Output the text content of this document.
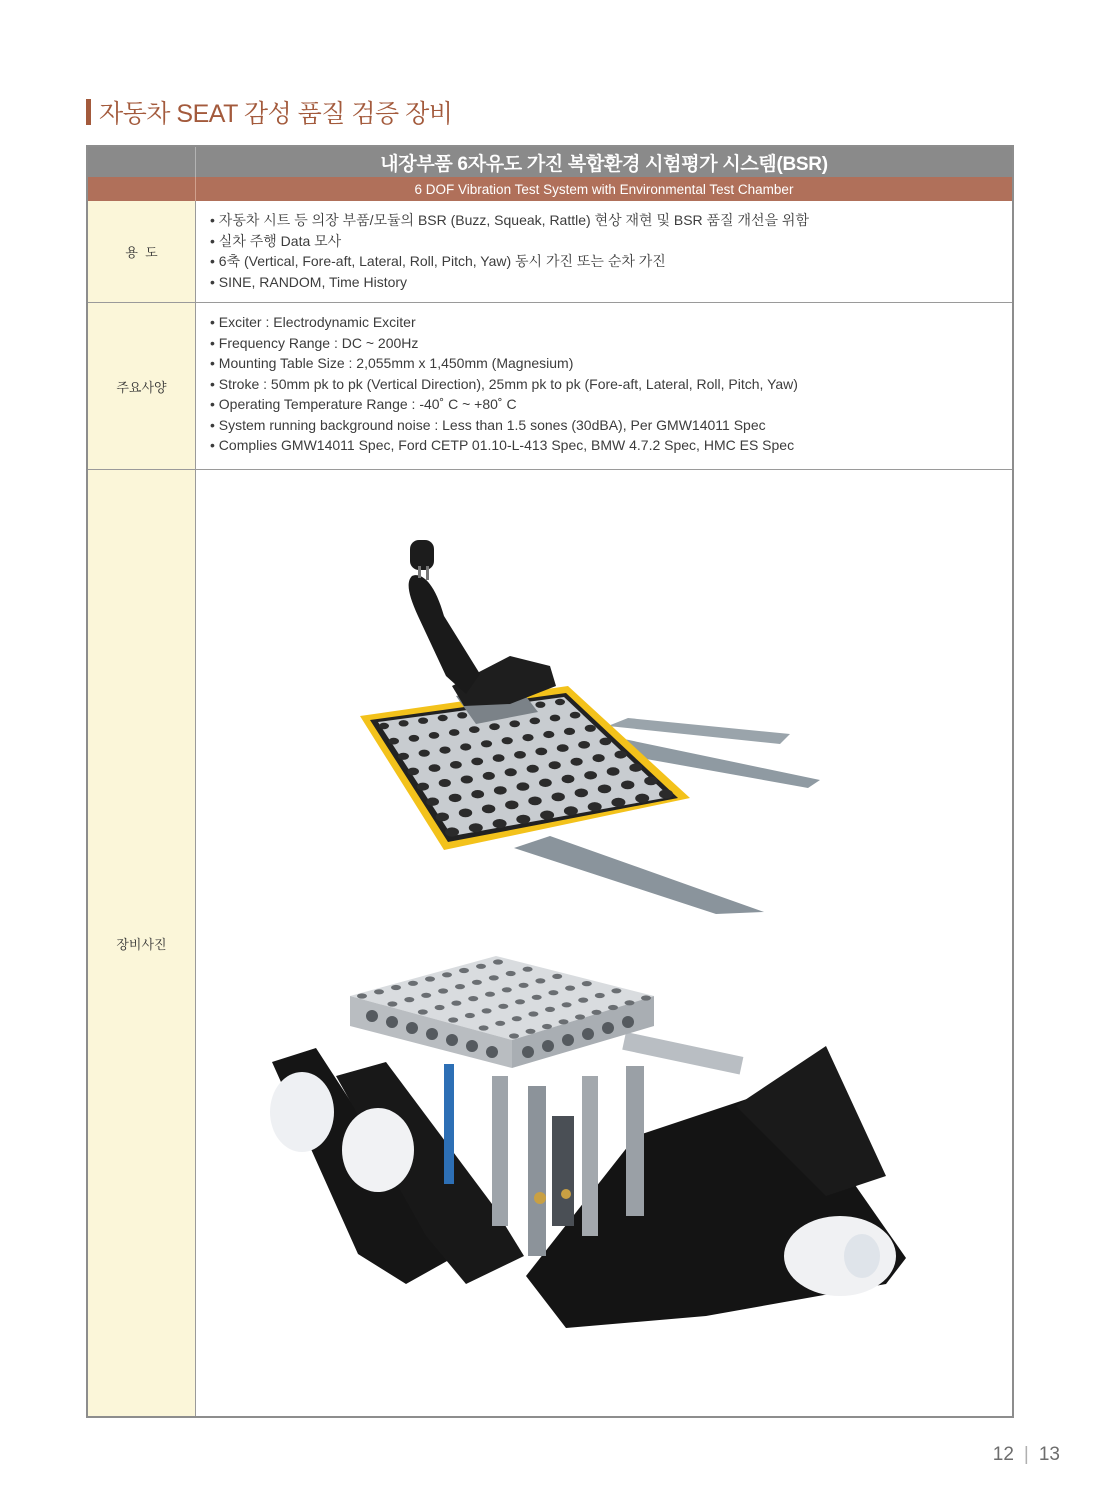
자동차 SEAT 감성 품질 검증 장비
내장부품 6자유도 가진 복합환경 시험평가 시스템(BSR)
6 DOF Vibration Test System with Environmental Test Chamber
용  도
• 자동차 시트 등 의장 부품/모듈의 BSR (Buzz, Squeak, Rattle) 현상 재현 및 BSR 품질 개선을 위함
• 실차 주행 Data 모사
• 6축 (Vertical, Fore-aft, Lateral, Roll, Pitch, Yaw) 동시 가진 또는 순차 가진
• SINE, RANDOM, Time History
주요사양
• Exciter : Electrodynamic Exciter
• Frequency Range : DC ~ 200Hz
• Mounting Table Size : 2,055mm x 1,450mm (Magnesium)
• Stroke : 50mm pk to pk (Vertical Direction), 25mm pk to pk (Fore-aft, Lateral, Roll, Pitch, Yaw)
• Operating Temperature Range : -40˚ C ~ +80˚ C
• System running background noise : Less than 1.5 sones (30dBA), Per GMW14011 Spec
• Complies GMW14011 Spec, Ford CETP 01.10-L-413 Spec, BMW 4.7.2 Spec, HMC ES Spec
장비사진
12 | 13
